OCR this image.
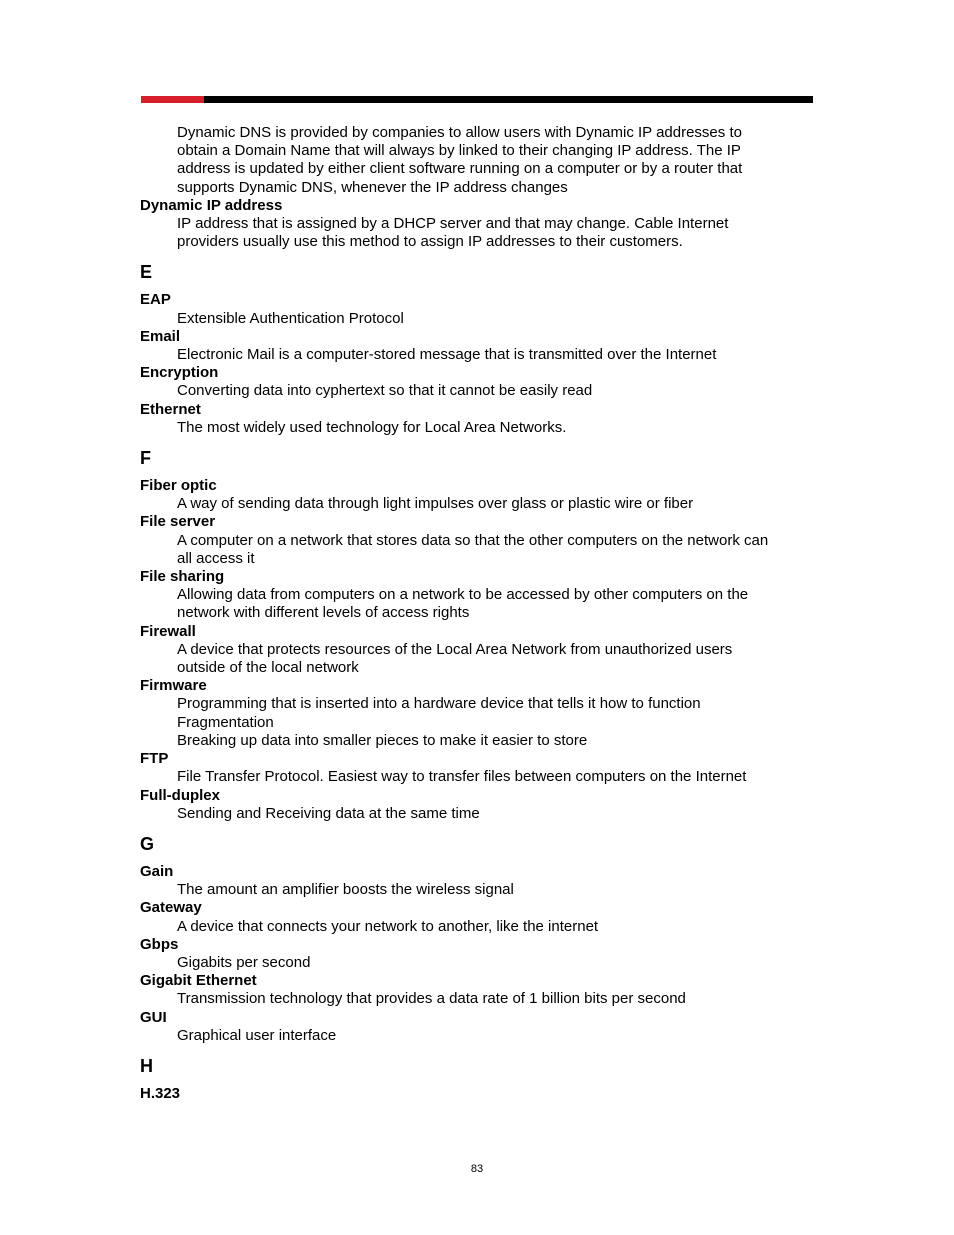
Dynamic DNS is provided by companies to allow users with Dynamic IP addresses to
obtain a Domain Name that will always by linked to their changing IP address. The IP
address is updated by either client software running on a computer or by a router that
supports Dynamic DNS, whenever the IP address changes
Dynamic IP address
IP address that is assigned by a DHCP server and that may change. Cable Internet
providers usually use this method to assign IP addresses to their customers.
E
EAP
Extensible Authentication Protocol
Email
Electronic Mail is a computer-stored message that is transmitted over the Internet
Encryption
Converting data into cyphertext so that it cannot be easily read
Ethernet
The most widely used technology for Local Area Networks.
F
Fiber optic
A way of sending data through light impulses over glass or plastic wire or fiber
File server
A computer on a network that stores data so that the other computers on the network can
all access it
File sharing
Allowing data from computers on a network to be accessed by other computers on the
network with different levels of access rights
Firewall
A device that protects resources of the Local Area Network from unauthorized users
outside of the local network
Firmware
Programming that is inserted into a hardware device that tells it how to function
Fragmentation
Breaking up data into smaller pieces to make it easier to store
FTP
File Transfer Protocol. Easiest way to transfer files between computers on the Internet
Full-duplex
Sending and Receiving data at the same time
G
Gain
The amount an amplifier boosts the wireless signal
Gateway
A device that connects your network to another, like the internet
Gbps
Gigabits per second
Gigabit Ethernet
Transmission technology that provides a data rate of 1 billion bits per second
GUI
Graphical user interface
H
H.323
83
